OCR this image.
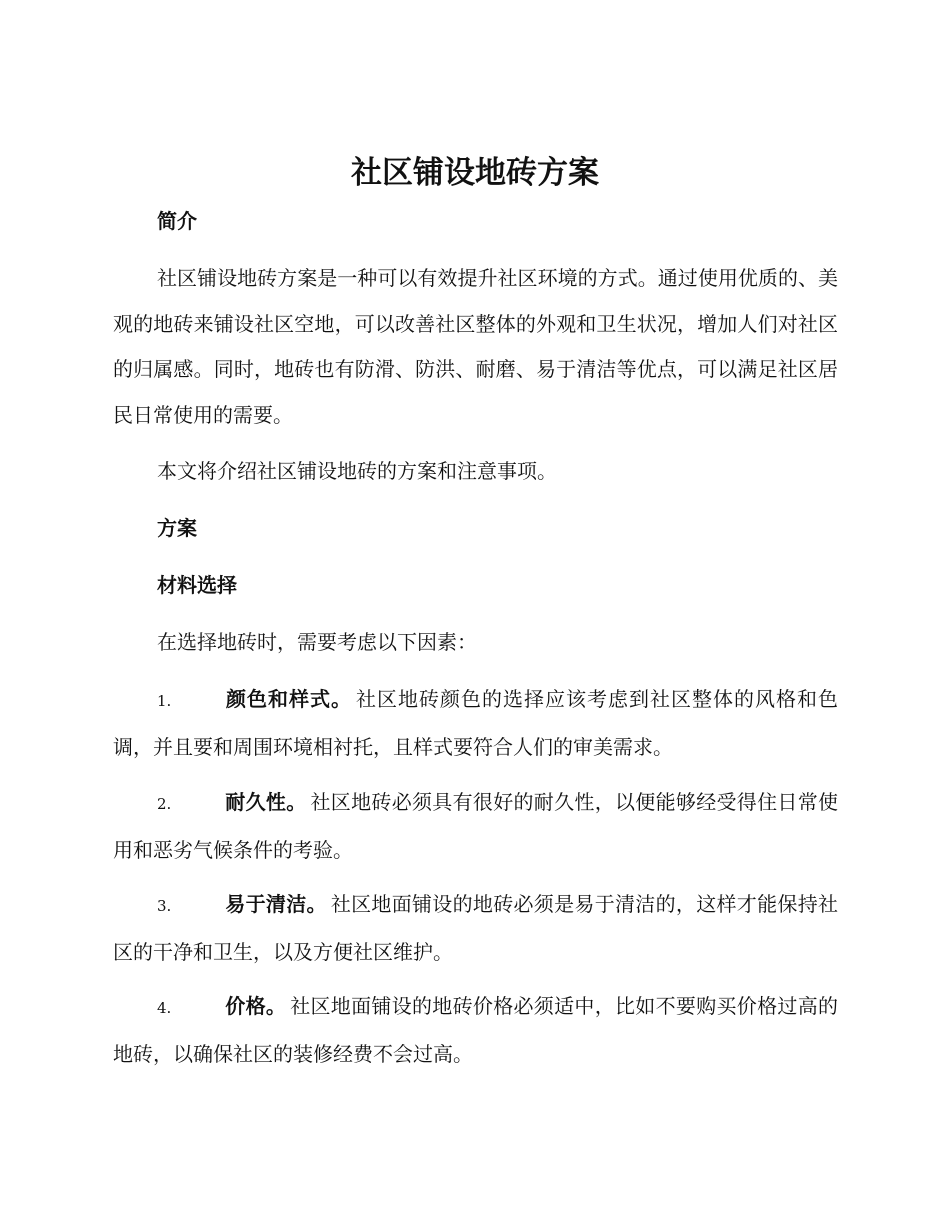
社区铺设地砖方案
简介

社区铺设地砖方案是一种可以有效提升社区环境的方式。通过使用优质的、美观的地砖来铺设社区空地，可以改善社区整体的外观和卫生状况，增加人们对社区的归属感。同时，地砖也有防滑、防洪、耐磨、易于清洁等优点，可以满足社区居民日常使用的需要。

本文将介绍社区铺设地砖的方案和注意事项。

方案
材料选择

在选择地砖时，需要考虑以下因素：

1.	颜色和样式。 社区地砖颜色的选择应该考虑到社区整体的风格和色调，并且要和周围环境相衬托，且样式要符合人们的审美需求。
2.	耐久性。 社区地砖必须具有很好的耐久性，以便能够经受得住日常使用和恶劣气候条件的考验。
3.	易于清洁。 社区地面铺设的地砖必须是易于清洁的，这样才能保持社区的干净和卫生，以及方便社区维护。
4.	价格。 社区地面铺设的地砖价格必须适中，比如不要购买价格过高的地砖，以确保社区的装修经费不会过高。
